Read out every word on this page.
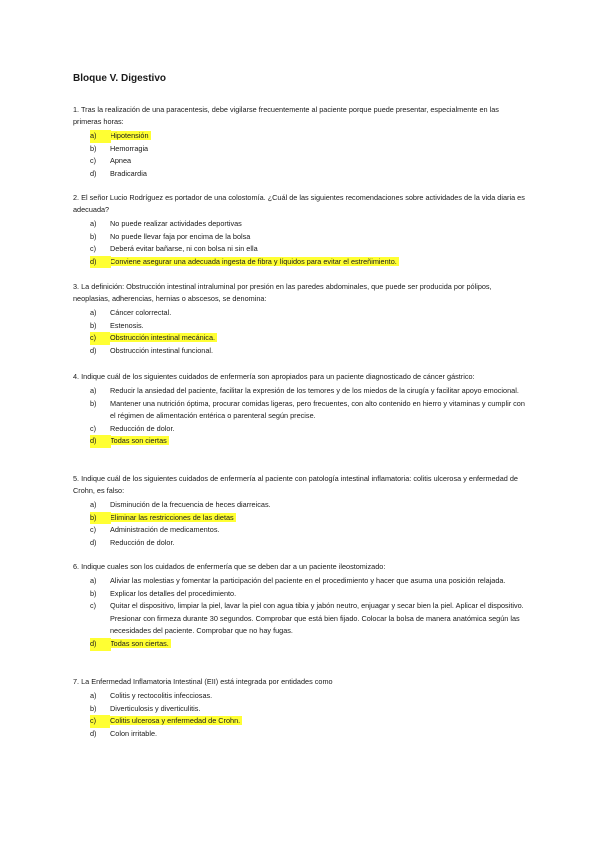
Bloque V. Digestivo

1. Tras la realización de una paracentesis, debe vigilarse frecuentemente al paciente porque puede presentar, especialmente en las primeras horas:

a)	Hipotensión
b) Hemorragia
c) Apnea
d) Bradicardia

2. El señor Lucio Rodríguez es portador de una colostomía. ¿Cuál de las siguientes recomendaciones sobre actividades de la vida diaria es adecuada?

a) No puede realizar actividades deportivas
b) No puede llevar faja por encima de la bolsa
c) Deberá evitar bañarse, ni con bolsa ni sin ella
d)	Conviene asegurar una adecuada ingesta de fibra y líquidos para evitar el estreñimiento.

3. La definición: Obstrucción intestinal intraluminal por presión en las paredes abdominales, que puede ser producida por pólipos, neoplasias, adherencias, hernias o abscesos, se denomina:

a) Cáncer colorrectal.
b) Estenosis.
c)	Obstrucción intestinal mecánica.
d) Obstrucción intestinal funcional.

4. Indique cuál de los siguientes cuidados de enfermería son apropiados para un paciente diagnosticado de cáncer gástrico:

a) Reducir la ansiedad del paciente, facilitar la expresión de los temores y de los miedos de la cirugía y facilitar apoyo emocional.
b) Mantener una nutrición óptima, procurar comidas ligeras, pero frecuentes, con alto contenido en hierro y vitaminas y cumplir con el régimen de alimentación entérica o parenteral según precise.
c) Reducción de dolor.
d)	Todas son ciertas

5. Indique cuál de los siguientes cuidados de enfermería al paciente con patología intestinal inflamatoria: colitis ulcerosa y enfermedad de Crohn, es falso:

a) Disminución de la frecuencia de heces diarreicas.
b)	Eliminar las restricciones de las dietas
c) Administración de medicamentos.
d) Reducción de dolor.

6. Indique cuales son los cuidados de enfermería que se deben dar a un paciente ileostomizado:

a) Aliviar las molestias y fomentar la participación del paciente en el procedimiento y hacer que asuma una posición relajada.
b) Explicar los detalles del procedimiento.
c) Quitar el dispositivo, limpiar la piel, lavar la piel con agua tibia y jabón neutro, enjuagar y secar bien la piel. Aplicar el dispositivo. Presionar con firmeza durante 30 segundos. Comprobar que está bien fijado. Colocar la bolsa de manera anatómica según las necesidades del paciente. Comprobar que no hay fugas.
d)	Todas son ciertas.

7. La Enfermedad Inflamatoria Intestinal (EII) está integrada por entidades como

a) Colitis y rectocolitis infecciosas.
b) Diverticulosis y diverticulitis.
c)	Colitis ulcerosa y enfermedad de Crohn.
d) Colon irritable.
